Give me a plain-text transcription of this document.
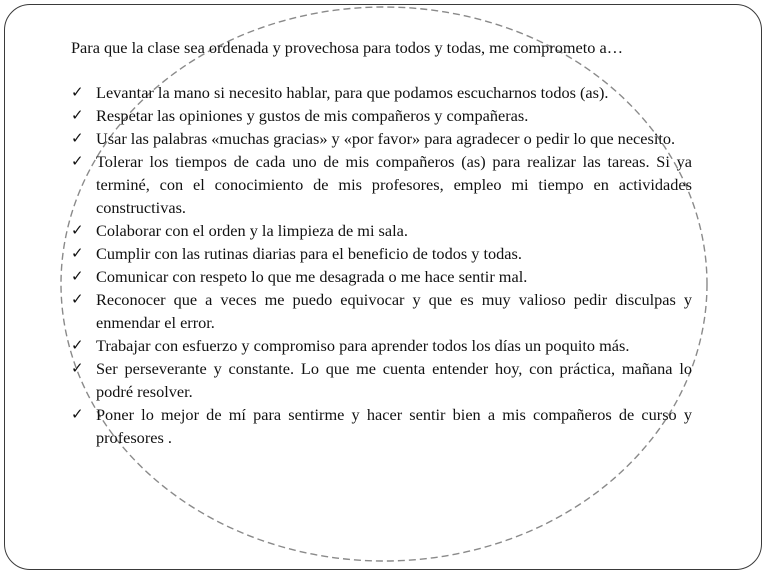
Para que la clase sea ordenada y provechosa para todos y todas, me comprometo a…

✓ Levantar la mano si necesito hablar, para que podamos escucharnos todos (as).
✓ Respetar las opiniones y gustos de mis compañeros y compañeras.
✓ Usar las palabras «muchas gracias» y «por favor» para agradecer o pedir lo que necesito.
✓ Tolerar los tiempos de cada uno de mis compañeros (as) para realizar las tareas. Si ya terminé, con el conocimiento de mis profesores, empleo mi tiempo en actividades constructivas.
✓ Colaborar con el orden y la limpieza de mi sala.
✓ Cumplir con las rutinas diarias para el beneficio de todos y todas.
✓ Comunicar con respeto lo que me desagrada o me hace sentir mal.
✓ Reconocer que a veces me puedo equivocar y que es muy valioso pedir disculpas y enmendar el error.
✓ Trabajar con esfuerzo y compromiso para aprender todos los días un poquito más.
✓ Ser perseverante y constante. Lo que me cuenta entender hoy, con práctica, mañana lo podré resolver.
✓ Poner lo mejor de mí para sentirme y hacer sentir bien a mis compañeros de curso y profesores .
